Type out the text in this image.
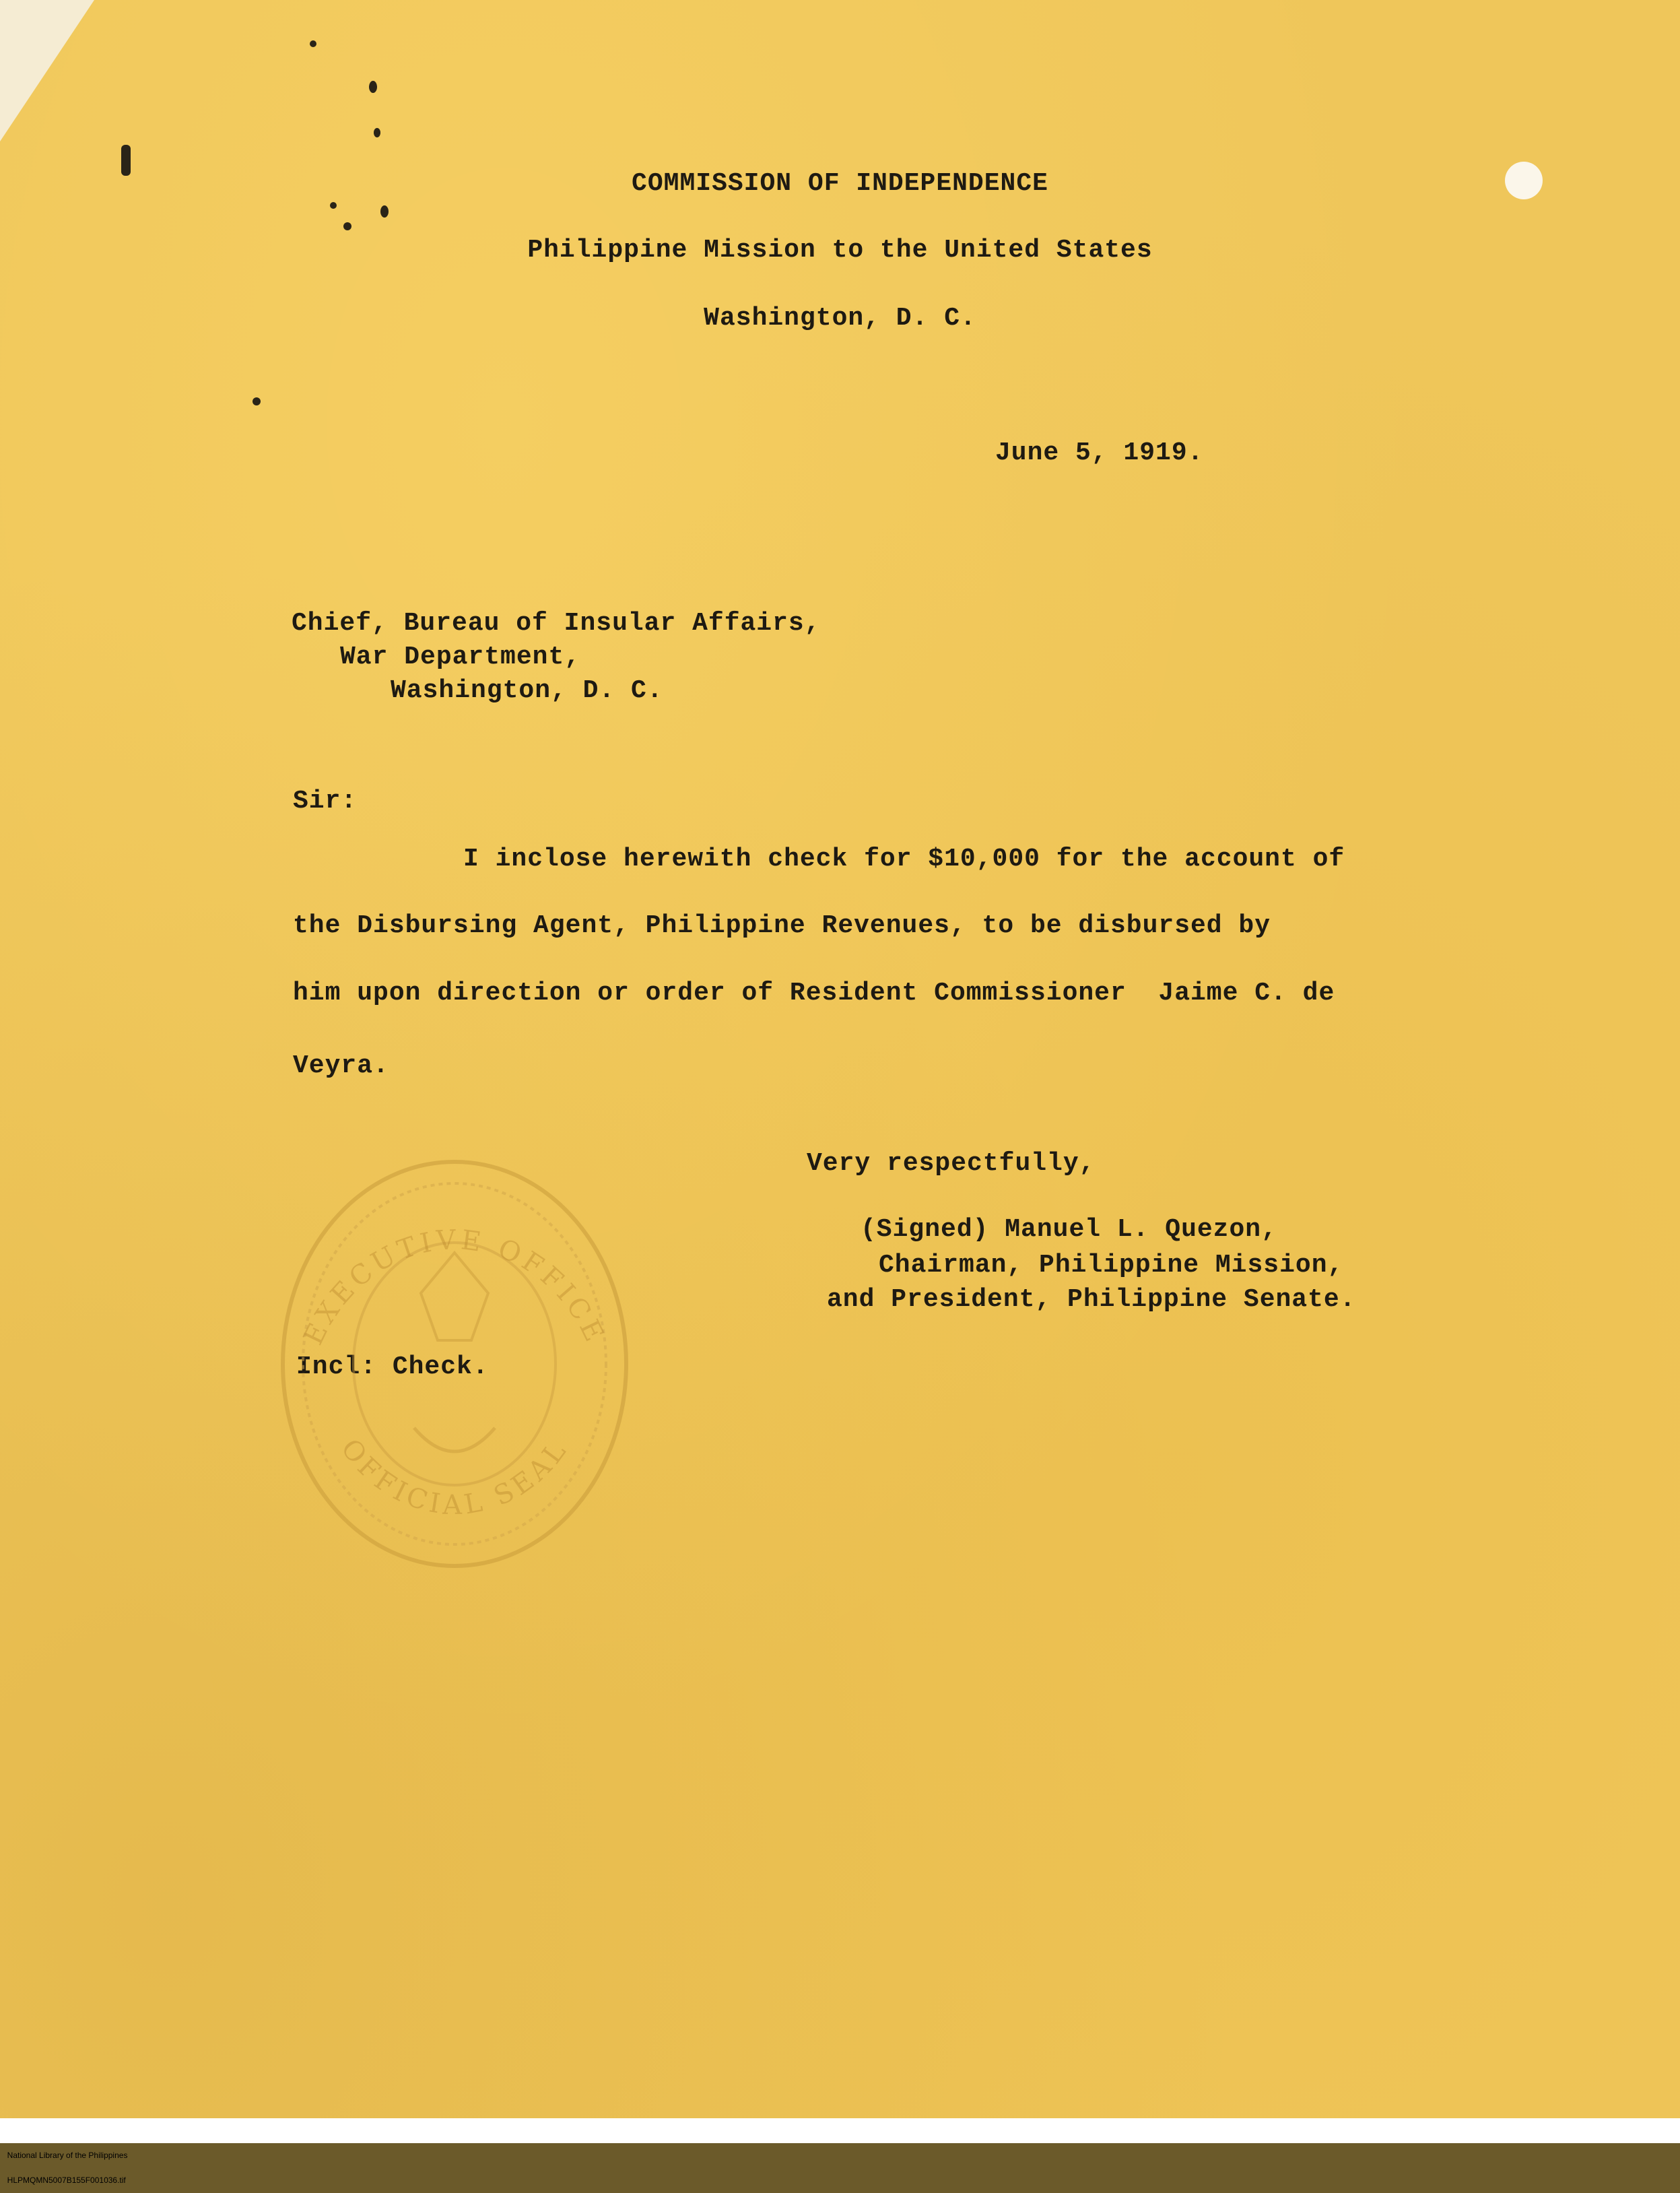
COMMISSION OF INDEPENDENCE
Philippine Mission to the United States
Washington, D. C.
June 5, 1919.
Chief, Bureau of Insular Affairs,
War Department,
Washington, D. C.
Sir:
I inclose herewith check for $10,000 for the account of
the Disbursing Agent, Philippine Revenues, to be disbursed by
him upon direction or order of Resident Commissioner  Jaime C. de
Veyra.
Very respectfully,
(Signed) Manuel L. Quezon,
Chairman, Philippine Mission,
and President, Philippine Senate.
Incl: Check.
EXECUTIVE OFFICE
OFFICIAL SEAL

National Library of the Philippines
HLPMQMN5007B155F001036.tif
